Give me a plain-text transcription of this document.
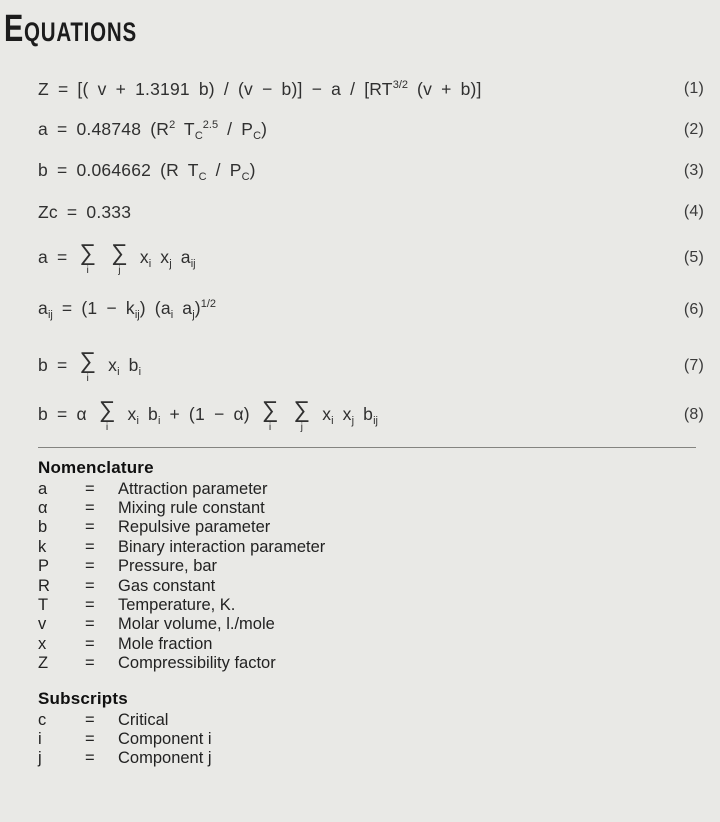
EQUATIONS
Z = [( v + 1.3191 $b) / (v - b)] - a / [RT^{3/2}$ (v + b)]	(1)
a = 0.48748 ($R^2$ $T_C^{2.5} / P_C$)	(2)
b = 0.064662 (R $T_C / P_C$)	(3)
Zc = 0.333	(4)
a = ∑
i

∑
j
$x_i$ $x_j$ $a_{ij}$	(5)
$a_{ij} = (1 - k_{ij})$ ($a_i$ $a_j)^{1/2}$	(6)
b = ∑
i
$x_i$ $b_i$	(7)
b = α ∑
i
$x_i$ $b_i + (1 - \alpha)$ ∑
i

∑
j
$x_i$ $x_j$ $b_{ij}$	(8)
Nomenclature
a	=	Attraction parameter
α	=	Mixing rule constant
b	=	Repulsive parameter
k	=	Binary interaction parameter
P	=	Pressure, bar
R	=	Gas constant
T	=	Temperature, K.
v	=	Molar volume, l./mole
x	=	Mole fraction
Z	=	Compressibility factor
Subscripts
c	=	Critical
i	=	Component i
j	=	Component j
